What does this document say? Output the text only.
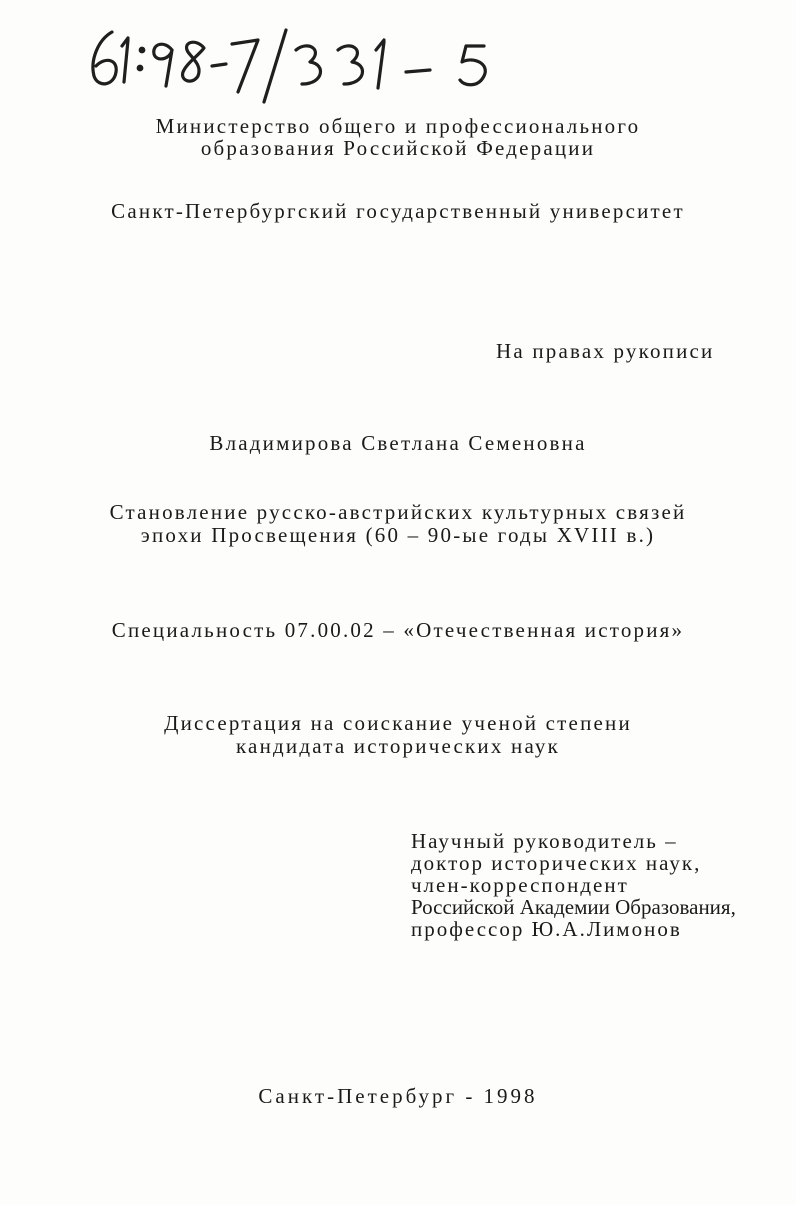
Министерство общего и профессионального
образования Российской Федерации
Санкт-Петербургский государственный университет
На правах рукописи
Владимирова Светлана Семеновна
Становление русско-австрийских культурных связей
эпохи Просвещения (60 – 90-ые годы XVIII в.)
Специальность 07.00.02 – «Отечественная история»
Диссертация на соискание ученой степени
кандидата исторических наук
Научный руководитель –
доктор исторических наук,
член-корреспондент
Российской Академии Образования,
профессор Ю.А.Лимонов
Санкт-Петербург - 1998
